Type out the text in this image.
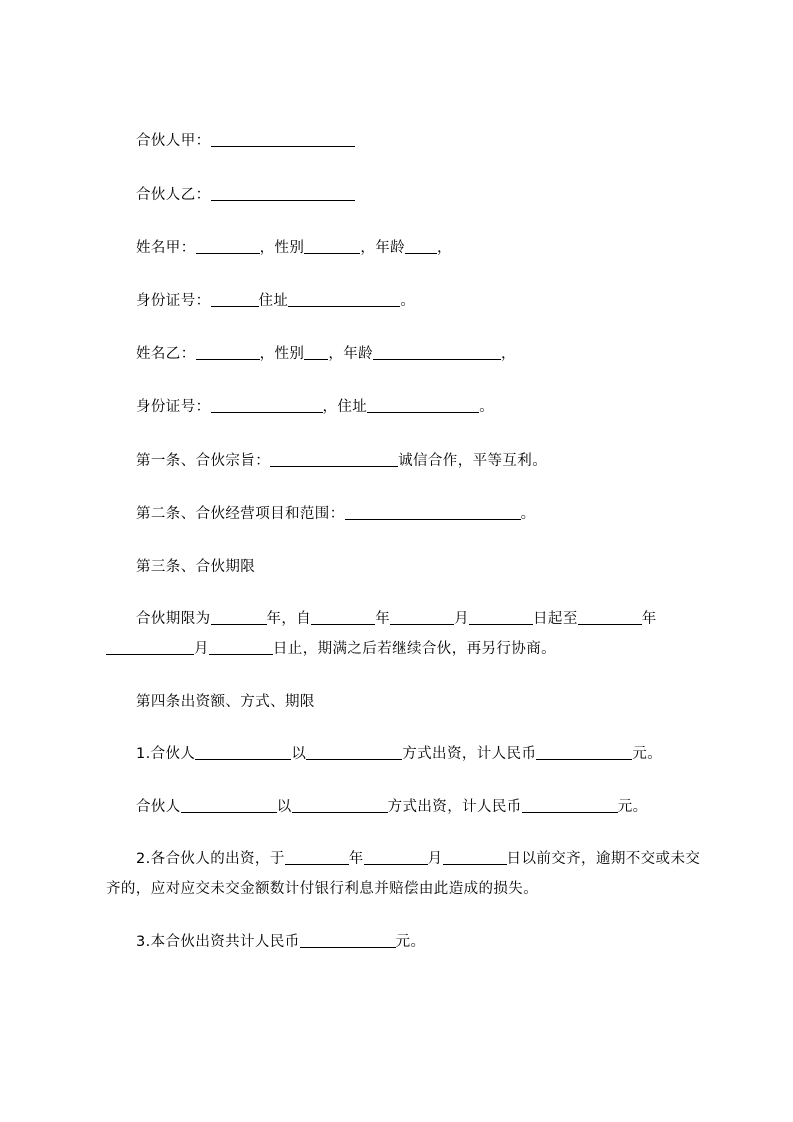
合伙人甲：

合伙人乙：

姓名甲：	，性别	，年龄 ，

身份证号：	住址	。

姓名乙：	，性别 ，年龄	，

身份证号：	，住址	。

第一条、合伙宗旨：	诚信合作，平等互利。

第二条、合伙经营项目和范围：	。

第三条、合伙期限

合伙期限为	年，自	年	月	日起至	年月	日止，期满之后若继续合伙，再另行协商。

第四条出资额、方式、期限

1.合伙人	以	方式出资，计人民币	元。

合伙人	以	方式出资，计人民币	元。

2.各合伙人的出资，于	年	月	日以前交齐，逾期不交或未交齐的，应对应交未交金额数计付银行利息并赔偿由此造成的损失。

3.本合伙出资共计人民币	元。
